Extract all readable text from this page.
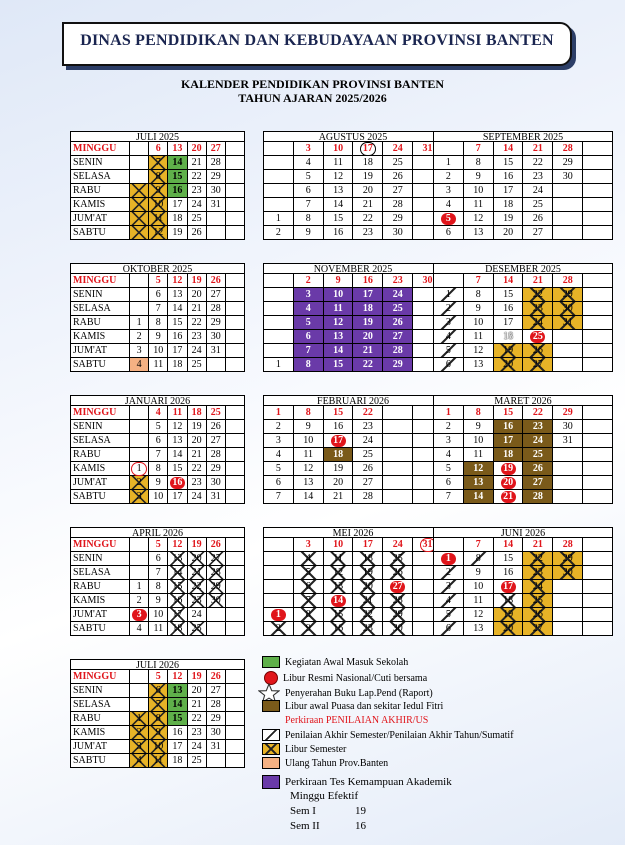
DINAS PENDIDIKAN DAN KEBUDAYAAN PROVINSI BANTEN
KALENDER PENDIDIKAN PROVINSI BANTEN
TAHUN AJARAN 2025/2026
JULI 2025
MINGGU
SENIN
SELASA
RABU
KAMIS
JUM'AT
SABTU
6
7
8
9
10
11
12
13
14
15
16
17
18
19
20
21
22
23
24
25
26
27
28
29
30
31
AGUSTUS 2025
1
2
3
4
5
6
7
8
9
10
11
12
13
14
15
16
17
18
19
20
21
22
23
24
25
26
27
28
29
30
31
SEPTEMBER 2025
1
2
3
4
5
6
7
8
9
10
11
12
13
14
15
16
17
18
19
20
21
22
23
24
25
26
27
28
29
30
OKTOBER 2025
MINGGU
SENIN
SELASA
RABU
KAMIS
JUM'AT
SABTU
1
2
3
4
5
6
7
8
9
10
11
12
13
14
15
16
17
18
19
20
21
22
23
24
25
26
27
28
29
30
31
NOVEMBER 2025
1
2
3
4
5
6
7
8
9
10
11
12
13
14
15
16
17
18
19
20
21
22
23
24
25
26
27
28
29
30
DESEMBER 2025
1
2
3
4
5
6
7
8
9
10
11
12
13
14
15
16
17
18
19
20
21
22
23
24
25
26
27
28
29
30
31
JANUARI 2026
MINGGU
SENIN
SELASA
RABU
KAMIS
JUM'AT
SABTU
1
2
3
4
5
6
7
8
9
10
11
12
13
14
15
16
17
18
19
20
21
22
23
24
25
26
27
28
29
30
31
FEBRUARI 2026
1
2
3
4
5
6
7
8
9
10
11
12
13
14
15
16
17
18
19
20
21
22
23
24
25
26
27
28
MARET 2026
1
2
3
4
5
6
7
8
9
10
11
12
13
14
15
16
17
18
19
20
21
22
23
24
25
26
27
28
29
30
31
APRIL 2026
MINGGU
SENIN
SELASA
RABU
KAMIS
JUM'AT
SABTU
1
2
3
4
5
6
7
8
9
10
11
12
13
14
15
16
17
18
19
20
21
22
23
24
25
26
27
28
29
30
MEI 2026
1
2
3
4
5
6
7
8
9
10
11
12
13
14
15
16
17
18
19
20
21
22
23
24
25
26
27
28
29
30
31
JUNI 2026
1
2
3
4
5
6
7
8
9
10
11
12
13
14
15
16
17
18
19
20
21
22
23
24
25
26
27
28
29
30
JULI 2026
MINGGU
SENIN
SELASA
RABU
KAMIS
JUM'AT
SABTU
1
2
3
4
5
6
7
8
9
10
11
12
13
14
15
16
17
18
19
20
21
22
23
24
25
26
27
28
29
30
31
Kegiatan Awal Masuk Sekolah
Libur Resmi Nasional/Cuti bersama
Penyerahan Buku Lap.Pend (Raport)
Libur awal Puasa dan sekitar Iedul Fitri
Perkiraan PENILAIAN AKHIR/US
Penilaian Akhir Semester/Penilaian Akhir Tahun/Sumatif
Libur Semester
Ulang Tahun Prov.Banten
Perkiraan Tes Kemampuan Akademik
Minggu Efektif
Sem I	19
Sem II	16
